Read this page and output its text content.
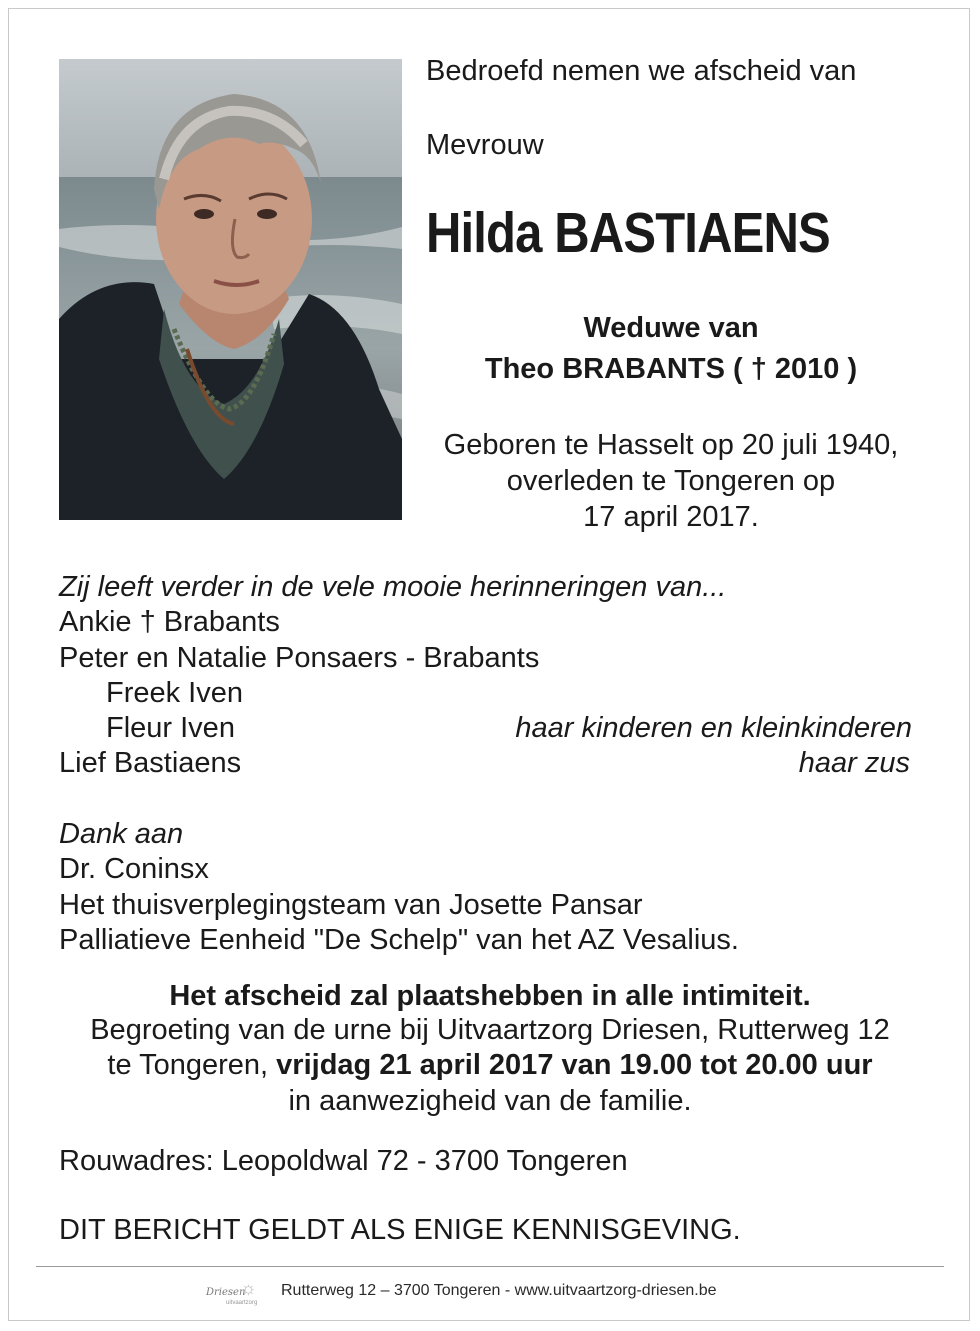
Bedroefd nemen we afscheid van
Mevrouw
Hilda BASTIAENS
Weduwe van
Theo BRABANTS ( † 2010 )
Geboren te Hasselt op 20 juli 1940,
overleden te Tongeren op
17 april 2017.
Zij leeft verder in de vele mooie herinneringen van...
Ankie † Brabants
Peter en Natalie Ponsaers - Brabants
Freek Iven
Fleur Iven	haar kinderen en kleinkinderen
Lief Bastiaens	haar zus
Dank aan
Dr. Coninsx
Het thuisverplegingsteam van Josette Pansar
Palliatieve Eenheid "De Schelp" van het AZ Vesalius.
Het afscheid zal plaatshebben in alle intimiteit.
Begroeting van de urne bij Uitvaartzorg Driesen, Rutterweg 12
te Tongeren, vrijdag 21 april 2017 van 19.00 tot 20.00 uur
in aanwezigheid van de familie.
Rouwadres: Leopoldwal 72 - 3700 Tongeren
DIT BERICHT GELDT ALS ENIGE KENNISGEVING.
☼
Driesen
uitvaartzorg
Rutterweg 12 – 3700 Tongeren - www.uitvaartzorg-driesen.be
